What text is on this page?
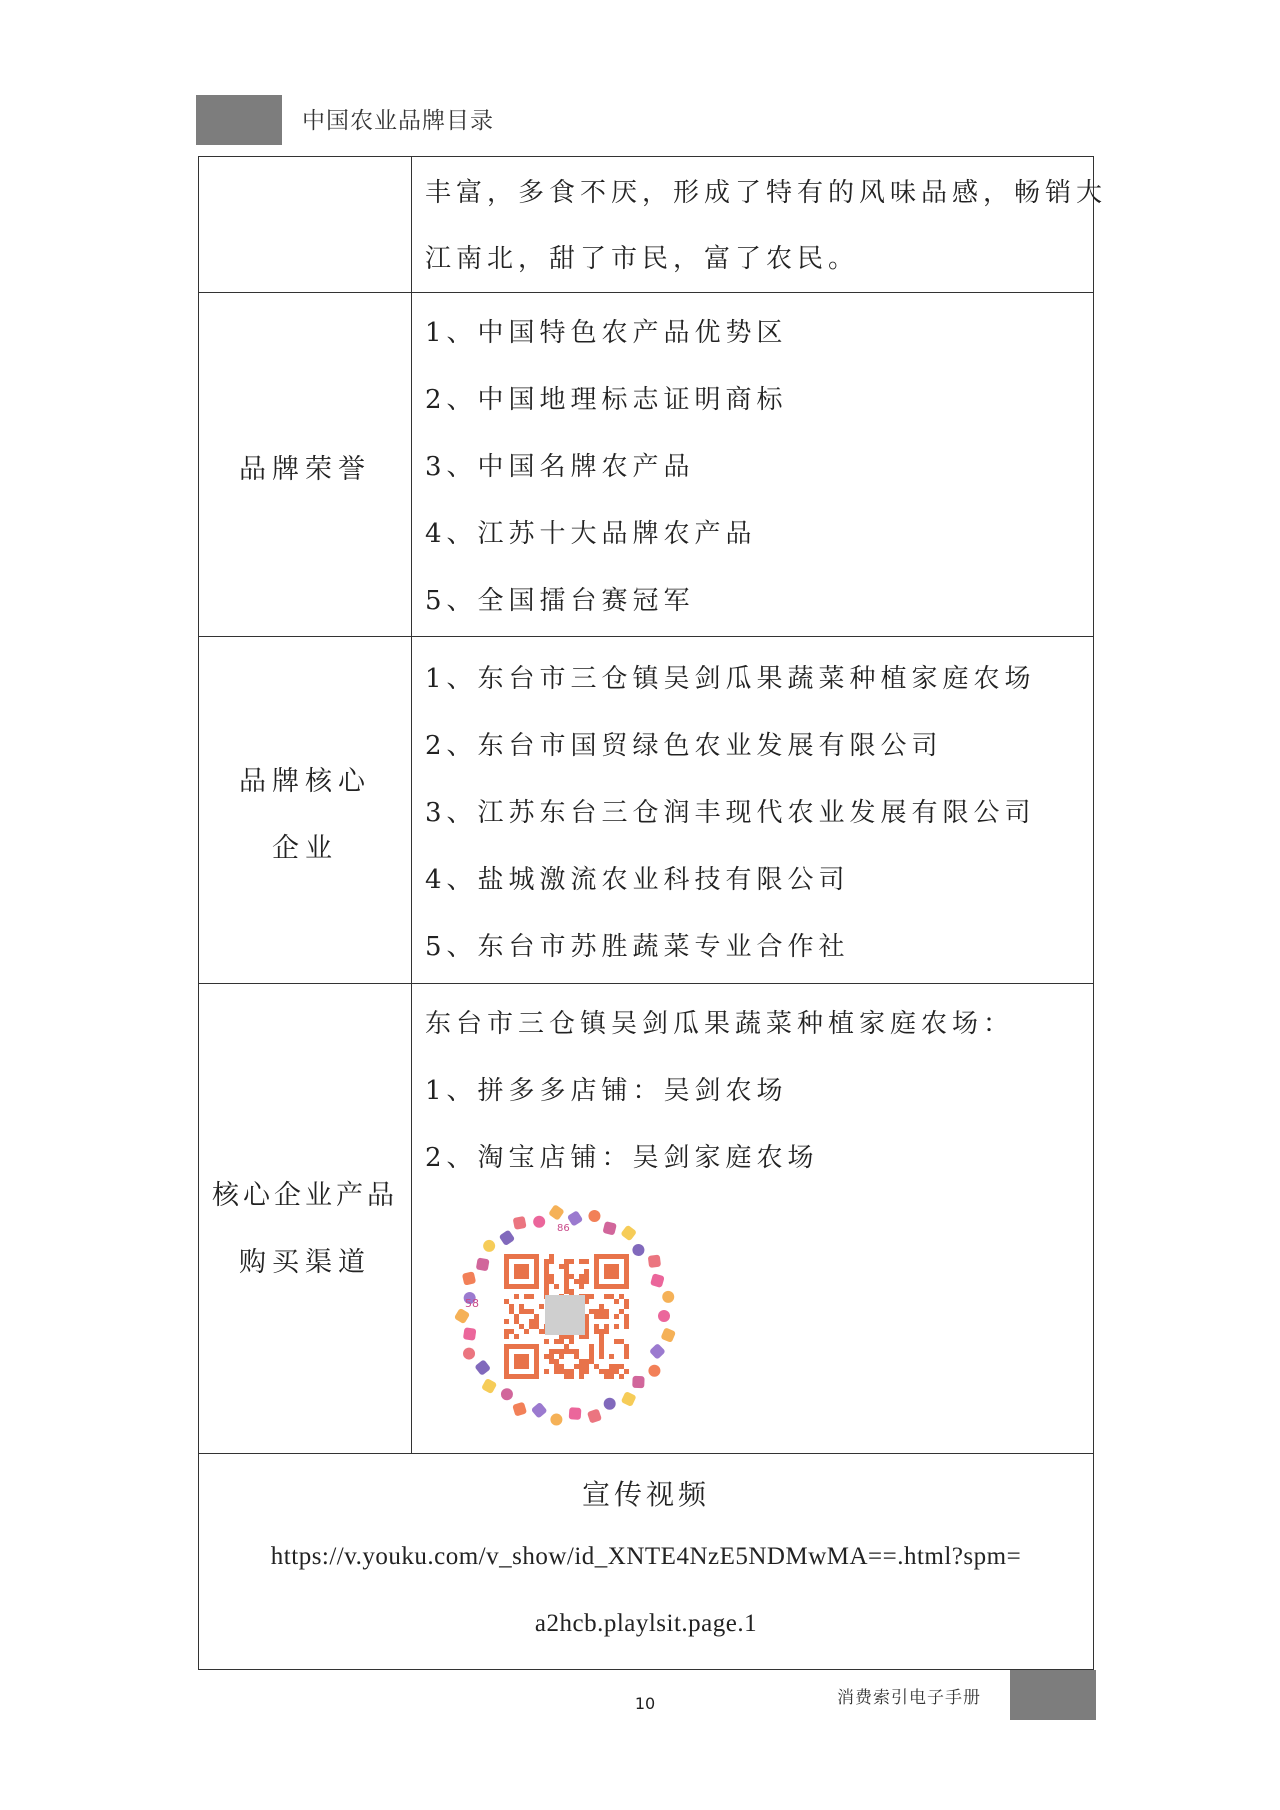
中国农业品牌目录
丰富，多食不厌，形成了特有的风味品感，畅销大
江南北，甜了市民，富了农民。
品牌荣誉
1、中国特色农产品优势区
2、中国地理标志证明商标
3、中国名牌农产品
4、江苏十大品牌农产品
5、全国擂台赛冠军
品牌核心
企业
1、东台市三仓镇吴剑瓜果蔬菜种植家庭农场
2、东台市国贸绿色农业发展有限公司
3、江苏东台三仓润丰现代农业发展有限公司
4、盐城激流农业科技有限公司
5、东台市苏胜蔬菜专业合作社
核心企业产品
购买渠道
东台市三仓镇吴剑瓜果蔬菜种植家庭农场：
1、拼多多店铺：吴剑农场
2、淘宝店铺：吴剑家庭农场
86
58
宣传视频
https://v.youku.com/v_show/id_XNTE4NzE5NDMwMA==.html?spm=
a2hcb.playlsit.page.1
10	消费索引电子手册
